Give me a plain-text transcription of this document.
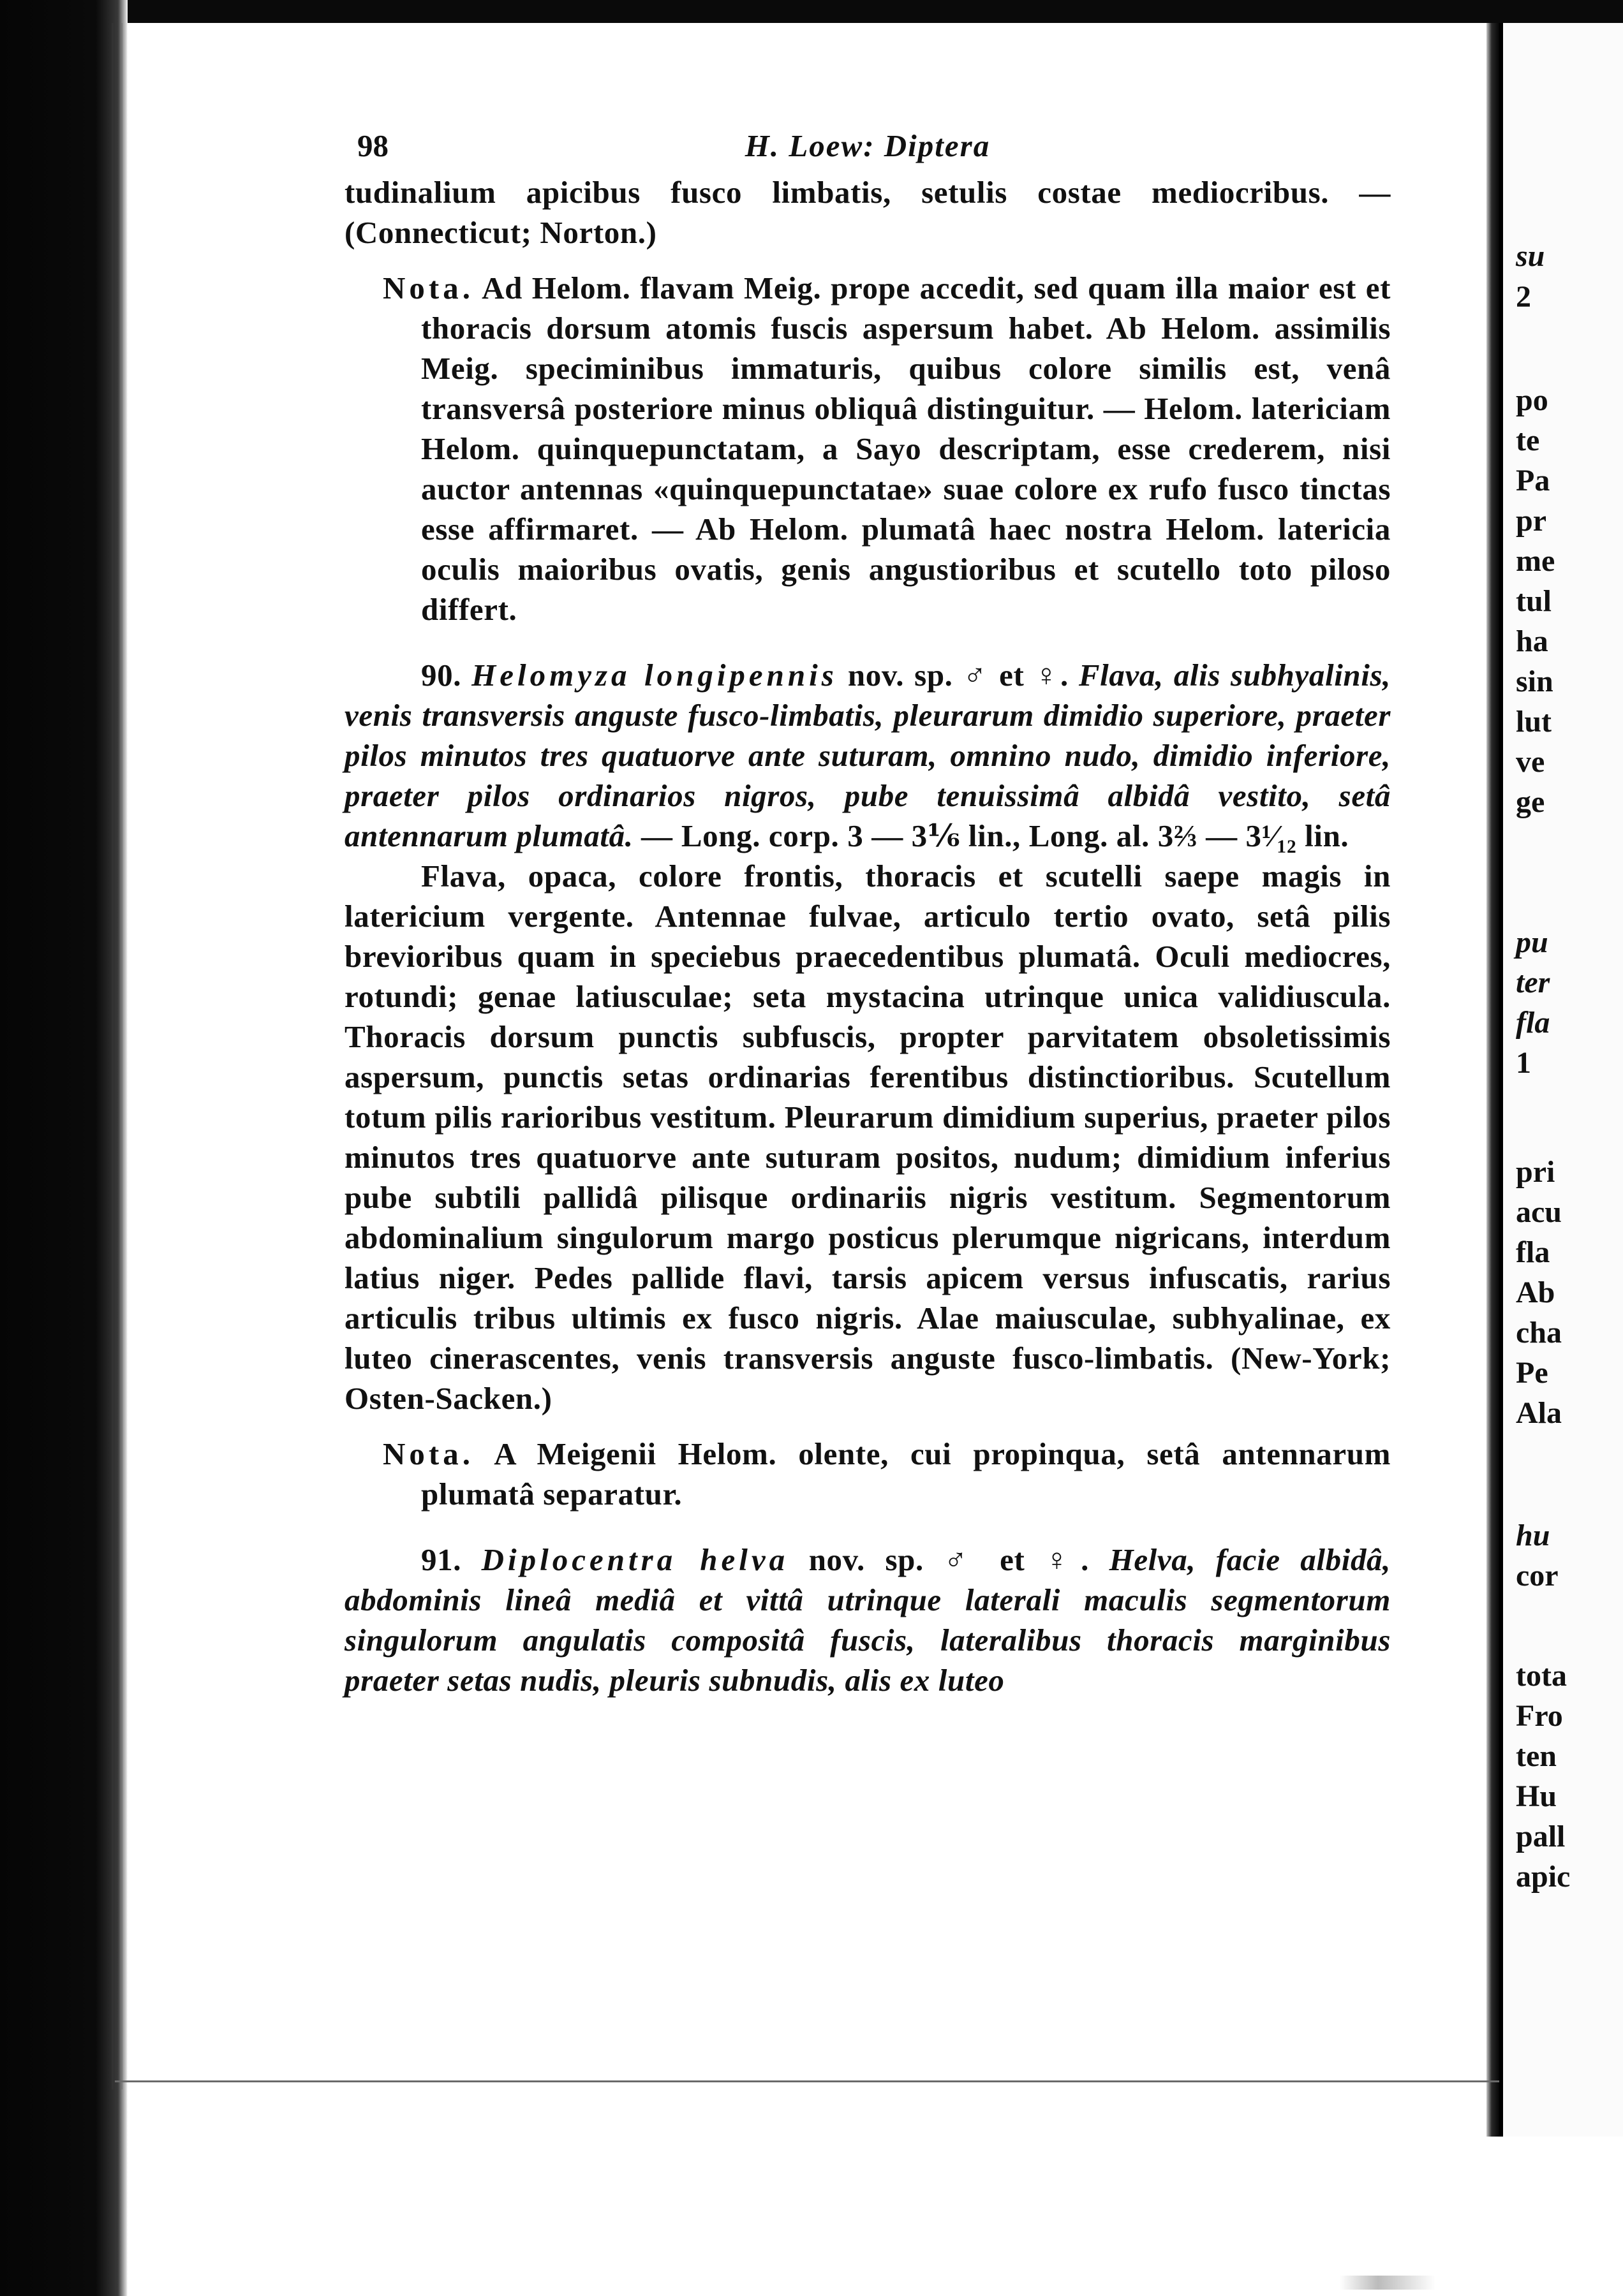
su
2
po
te
Pa
pr
me
tul
ha
sin
lut
ve
ge
pu
ter
fla
1
pri
acu
fla
Ab
cha
Pe
Ala
hu
cor
tota
Fro
ten
Hu
pall
apic
98	H. Loew: Diptera

tudinalium apicibus fusco limbatis, setulis costae mediocribus. — (Connecticut; Norton.)

Nota. Ad Helom. flavam Meig. prope accedit, sed quam illa maior est et thoracis dorsum atomis fuscis aspersum habet. Ab Helom. assimilis Meig. speciminibus immaturis, quibus colore similis est, venâ transversâ posteriore minus obliquâ distinguitur. — Helom. latericiam Helom. quinquepunctatam, a Sayo descriptam, esse crederem, nisi auctor antennas «quinquepunctatae» suae colore ex rufo fusco tinctas esse affirmaret. — Ab Helom. plumatâ haec nostra Helom. latericia oculis maioribus ovatis, genis angustioribus et scutello toto piloso differt.

90. Helomyza longipennis nov. sp. ♂ et ♀. Flava, alis subhyalinis, venis transversis anguste fusco-limbatis, pleurarum dimidio superiore, praeter pilos minutos tres quatuorve ante suturam, omnino nudo, dimidio inferiore, praeter pilos ordinarios nigros, pube tenuissimâ albidâ vestito, setâ antennarum plumatâ. — Long. corp. 3 — 3⅙ lin., Long. al. 3⅔ — 3¹⁄₁₂ lin.

Flava, opaca, colore frontis, thoracis et scutelli saepe magis in latericium vergente. Antennae fulvae, articulo tertio ovato, setâ pilis brevioribus quam in speciebus praecedentibus plumatâ. Oculi mediocres, rotundi; genae latiusculae; seta mystacina utrinque unica validiuscula. Thoracis dorsum punctis subfuscis, propter parvitatem obsoletissimis aspersum, punctis setas ordinarias ferentibus distinctioribus. Scutellum totum pilis rarioribus vestitum. Pleurarum dimidium superius, praeter pilos minutos tres quatuorve ante suturam positos, nudum; dimidium inferius pube subtili pallidâ pilisque ordinariis nigris vestitum. Segmentorum abdominalium singulorum margo posticus plerumque nigricans, interdum latius niger. Pedes pallide flavi, tarsis apicem versus infuscatis, rarius articulis tribus ultimis ex fusco nigris. Alae maiusculae, subhyalinae, ex luteo cinerascentes, venis transversis anguste fusco-limbatis. (New-York; Osten-Sacken.)

Nota. A Meigenii Helom. olente, cui propinqua, setâ antennarum plumatâ separatur.

91. Diplocentra helva nov. sp. ♂ et ♀. Helva, facie albidâ, abdominis lineâ mediâ et vittâ utrinque laterali maculis segmentorum singulorum angulatis compositâ fuscis, lateralibus thoracis marginibus praeter setas nudis, pleuris subnudis, alis ex luteo
